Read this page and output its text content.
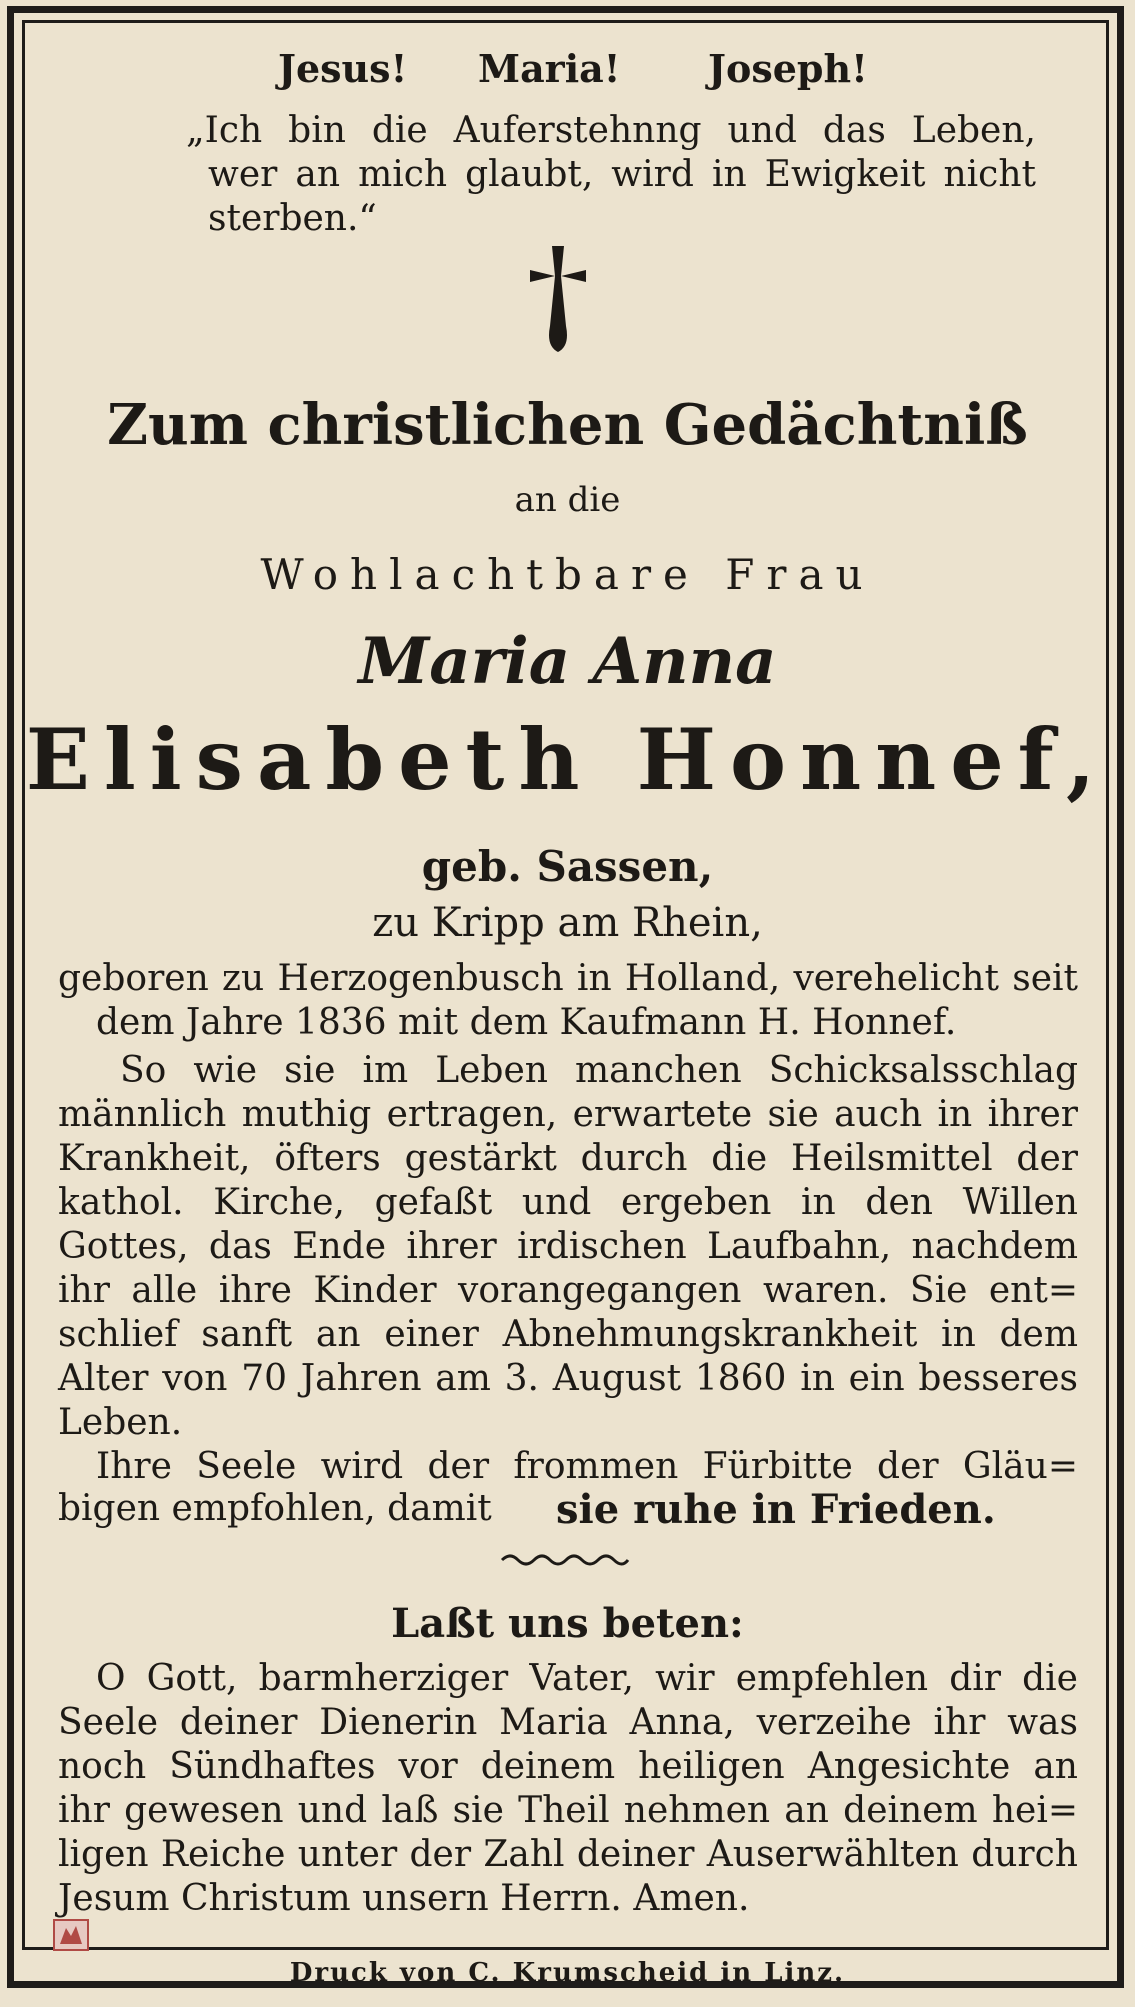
Jesus! Maria! Joseph!
„Ich bin die Auferstehnng und das Leben,
wer an mich glaubt, wird in Ewigkeit nicht
sterben.“
Zum christlichen Gedächtniß
an die
Wohlachtbare Frau
Maria Anna
Elisabeth Honnef,
geb. Sassen,
zu Kripp am Rhein,
geboren zu Herzogenbusch in Holland, verehelicht seit
dem Jahre 1836 mit dem Kaufmann H. Honnef.
So wie sie im Leben manchen Schicksalsschlag
männlich muthig ertragen, erwartete sie auch in ihrer
Krankheit, öfters gestärkt durch die Heilsmittel der
kathol. Kirche, gefaßt und ergeben in den Willen
Gottes, das Ende ihrer irdischen Laufbahn, nachdem
ihr alle ihre Kinder vorangegangen waren. Sie ent=
schlief sanft an einer Abnehmungskrankheit in dem
Alter von 70 Jahren am 3. August 1860 in ein besseres
Leben.
Ihre Seele wird der frommen Fürbitte der Gläu=
bigen empfohlen, damit sie ruhe in Frieden.
Laßt uns beten:
O Gott, barmherziger Vater, wir empfehlen dir die
Seele deiner Dienerin Maria Anna, verzeihe ihr was
noch Sündhaftes vor deinem heiligen Angesichte an
ihr gewesen und laß sie Theil nehmen an deinem hei=
ligen Reiche unter der Zahl deiner Auserwählten durch
Jesum Christum unsern Herrn. Amen.
Druck von C. Krumscheid in Linz.
